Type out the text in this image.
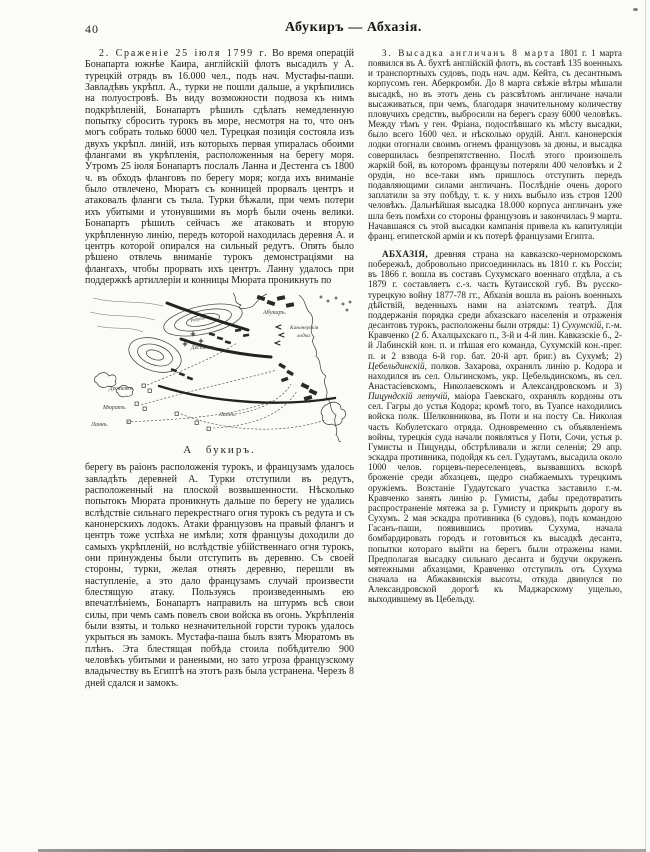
40	Абукиръ — Абхазія.

2. Сраженіе 25 іюля 1799 г. Во время операцій Бонапарта южнѣе Каира, англійскій флотъ высадилъ у А. турецкій отрядъ въ 16.000 чел., подъ нач. Мустафы-паши. Завладѣвъ укрѣпл. А., турки не пошли дальше, а укрѣпились на полуостровѣ. Въ виду возможности подвоза къ нимъ подкрѣпленій, Бонапартъ рѣшилъ сдѣлать немедленную попытку сбросить турокъ въ море, несмотря на то, что онъ могъ собрать только 6000 чел. Турецкая позиція состояла изъ двухъ укрѣпл. линій, изъ которыхъ первая упиралась обоими флангами въ укрѣпленія, расположенныя на берегу моря. Утромъ 25 іюля Бонапартъ послалъ Ланна и Дестенга съ 1800 ч. въ обходъ фланговъ по берегу моря; когда ихъ вниманіе было отвлечено, Мюратъ съ конницей прорвалъ центръ и атаковалъ фланги съ тыла. Турки бѣжали, при чемъ потери ихъ убитыми и утонувшими въ морѣ были очень велики. Бонапартъ рѣшилъ сейчасъ же атаковать и вторую укрѣпленную линію, передъ которой находилась деревня А. и центръ которой опирался на сильный редутъ. Опять было рѣшено отвлечь вниманіе турокъ демонстраціями на флангахъ, чтобы прорвать ихъ центръ. Ланну удалось при поддержкѣ артиллеріи и конницы Мюрата проникнуть по

Абукиръ.
Канонерскія
лодки
Редутъ
Дестенгъ.
Дестенгъ.
Мюратъ.
Ланнъ.
Ланнъ.
А букиръ.

берегу въ раіонъ расположенія турокъ, и французамъ удалось завладѣть деревней А. Турки отступили въ редутъ, расположенный на плоской возвышенности. Нѣсколько попытокъ Мюрата проникнуть дальше по берегу не удались вслѣдствіе сильнаго перекрестнаго огня турокъ съ редута и съ канонерскихъ лодокъ. Атаки французовъ на правый флангъ и центръ тоже успѣха не имѣли; хотя французы доходили до самыхъ укрѣпленій, но вслѣдствіе убійственнаго огня турокъ, они принуждены были отступить въ деревню. Съ своей стороны, турки, желая отнять деревню, перешли въ наступленіе, а это дало французамъ случай произвести блестящую атаку. Пользуясь произведеннымъ ею впечатлѣніемъ, Бонапартъ направилъ на штурмъ всѣ свои силы, при чемъ самъ повелъ свои войска въ огонь. Укрѣпленія были взяты, и только незначительной горсти турокъ удалось укрыться въ замокъ. Мустафа-паша былъ взятъ Мюратомъ въ плѣнъ. Эта блестящая побѣда стоила побѣдителю 900 человѣкъ убитыми и ранеными, но зато угроза французскому владычеству въ Египтѣ на этотъ разъ была устранена. Черезъ 8 дней сдался и замокъ.

3. Высадка англичанъ 8 марта 1801 г. 1 марта появился въ А. бухтѣ англійскій флотъ, въ составѣ 135 военныхъ и транспортныхъ судовъ, подъ нач. адм. Кейта, съ десантнымъ корпусомъ ген. Аберкромби. До 8 марта свѣжіе вѣтры мѣшали высадкѣ, но въ этотъ день съ разсвѣтомъ англичане начали высаживаться, при чемъ, благодаря значительному количеству пловучихъ средствъ, выбросили на берегъ сразу 6000 человѣкъ. Между тѣмъ у ген. Фріана, подоспѣвшаго къ мѣсту высадки, было всего 1600 чел. и нѣсколько орудій. Англ. канонерскія лодки отогнали своимъ огнемъ французовъ за дюны, и высадка совершилась безпрепятственно. Послѣ этого произошелъ жаркій бой, въ которомъ французы потеряли 400 человѣкъ и 2 орудія, но все-таки имъ пришлось отступить передъ подавляющими силами англичанъ. Послѣдніе очень дорого заплатили за эту побѣду, т. к. у нихъ выбыло изъ строя 1200 человѣкъ. Дальнѣйшая высадка 18.000 корпуса англичанъ уже шла безъ помѣхи со стороны французовъ и закончилась 9 марта. Начавшаяся съ этой высадки кампанія привела къ капитуляціи франц. египетской арміи и къ потерѣ французами Египта.

АБХАЗІЯ, древняя страна на кавказско-черноморскомъ побережьѣ, добровольно присоединилась въ 1810 г. къ Россіи; въ 1866 г. вошла въ составъ Сухумскаго военнаго отдѣла, а съ 1879 г. составляетъ с.-з. часть Кутаисской губ. Въ русско-турецкую войну 1877-78 гг., Абхазія вошла въ раіонъ военныхъ дѣйствій, веденныхъ нами на азіатскомъ театрѣ. Для поддержанія порядка среди абхазскаго населенія и отраженія десантовъ турокъ, расположены были отряды: 1) Сухумскій, г.-м. Кравченко (2 б. Ахалцыхскаго п., 3-й и 4-й лин. Кавказскіе б., 2-й Лабинскій кон. п. и пѣшая его команда, Сухумскій кон.-прег. п. и 2 взвода 6-й гор. бат. 20-й арт. бриг.) въ Сухумѣ; 2) Цебельдинскій, полков. Захарова, охранялъ линію р. Кодора и находился въ сел. Ольгинскомъ, укр. Цебельдинскомъ, въ сел. Анастасіевскомъ, Николаевскомъ и Александровскомъ и 3) Пицундскій летучій, маіора Гаевскаго, охранялъ кордоны отъ сел. Гагры до устья Кодора; кромѣ того, въ Туапсе находились войска полк. Шелковникова, въ Поти и на посту Св. Николая часть Кобулетскаго отряда. Одновременно съ объявленіемъ войны, турецкія суда начали появляться у Поти, Сочи, устья р. Гумисты и Пицунды, обстрѣливали и жгли селенія; 29 апр. эскадра противника, подойдя къ сел. Гудаутамъ, высадила около 1000 челов. горцевъ-переселенцевъ, вызвавшихъ вскорѣ броженіе среди абхазцевъ, щедро снабжаемыхъ турецкимъ оружіемъ. Возстаніе Гудаутскаго участка заставило г.-м. Кравченко занять линію р. Гумисты, дабы предотвратить распространеніе мятежа за р. Гумисту и прикрыть дорогу въ Сухумъ. 2 мая эскадра противника (6 судовъ), подъ командою Гасанъ-паши, появившись противъ Сухума, начала бомбардировать городъ и готовиться къ высадкѣ десанта, попытки котораго выйти на берегъ были отражены нами. Предполагая высадку сильнаго десанта и будучи окруженъ мятежными абхазцами, Кравченко отступилъ отъ Сухума сначала на Абжаквинскія высоты, откуда двинулся по Александровской дорогѣ къ Маджарскому ущелью, выходившему въ Цебельду.
